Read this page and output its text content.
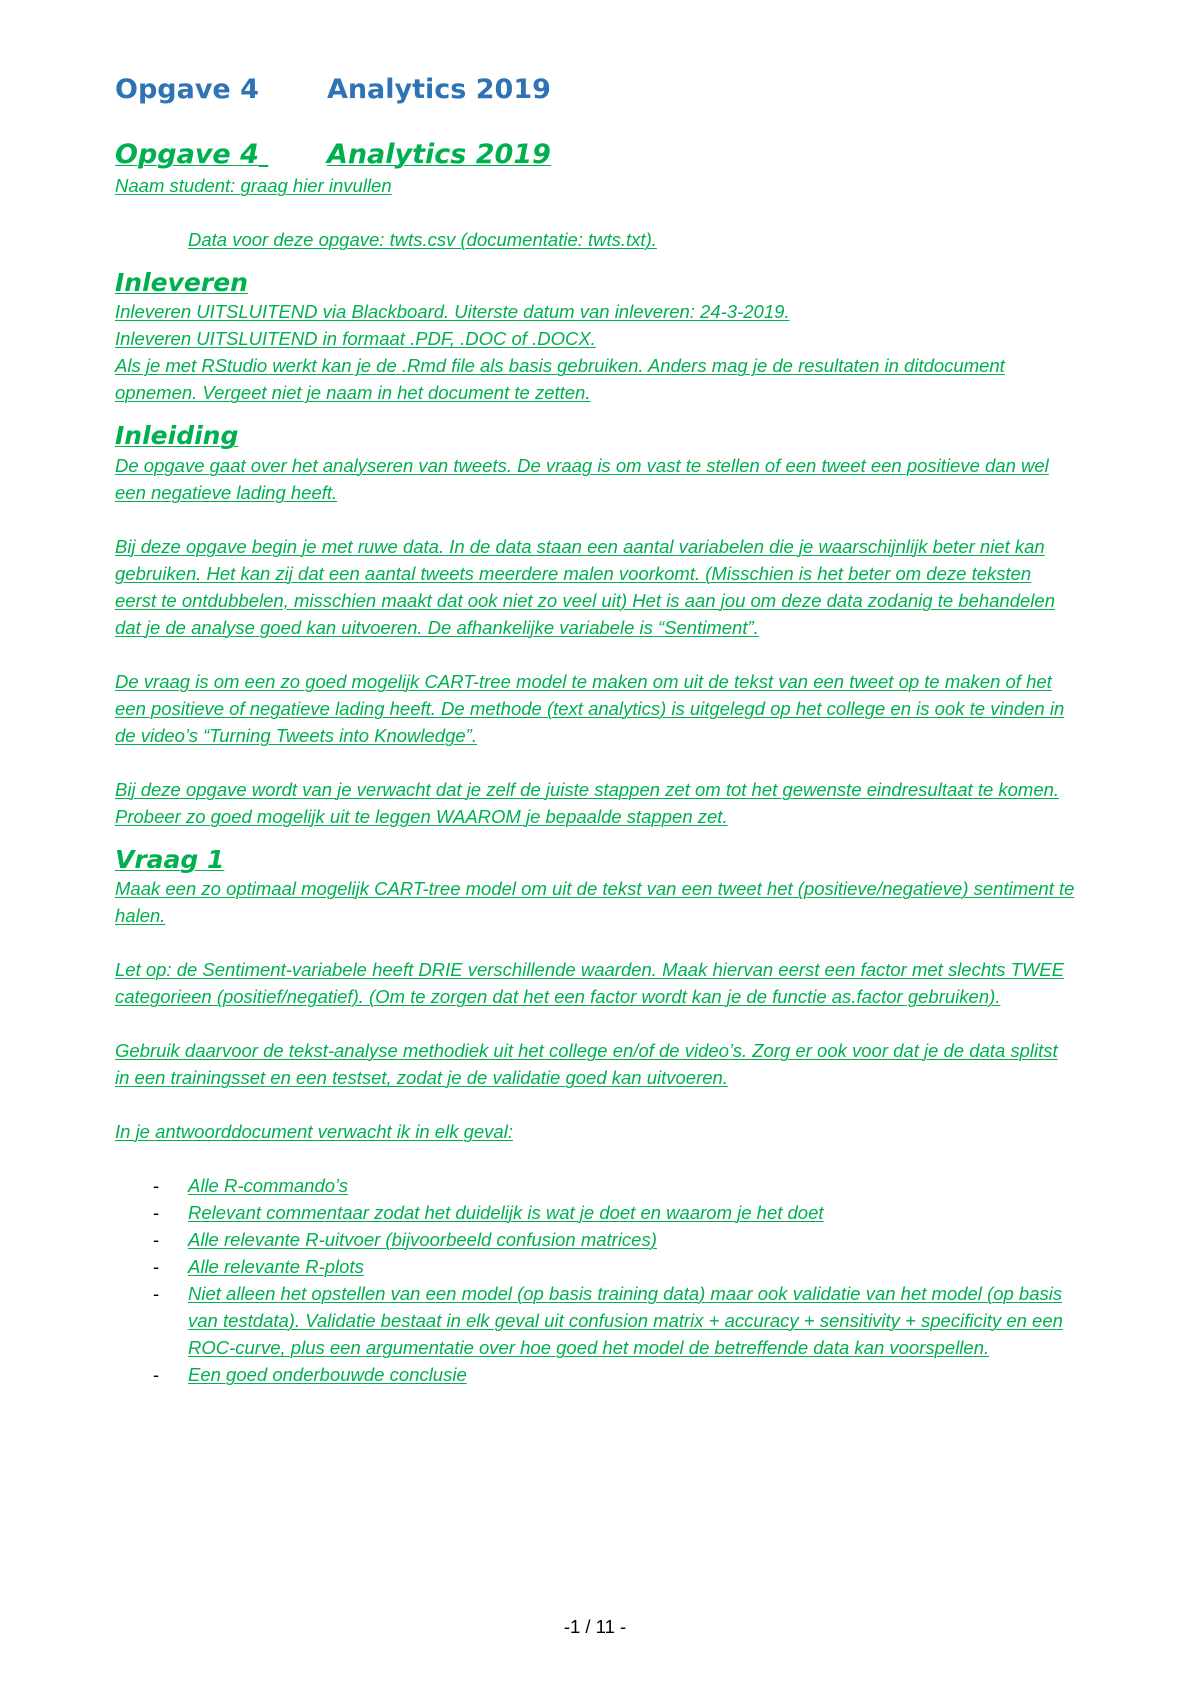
Opgave 4	Analytics 2019
Opgave 4	Analytics 2019

Naam student: graag hier invullen

Data voor deze opgave: twts.csv (documentatie: twts.txt).

Inleveren

Inleveren UITSLUITEND via Blackboard. Uiterste datum van inleveren: 24-3-2019.

Inleveren UITSLUITEND in formaat .PDF, .DOC of .DOCX.

Als je met RStudio werkt kan je de .Rmd file als basis gebruiken. Anders mag je de resultaten in ditdocument opnemen. Vergeet niet je naam in het document te zetten.

Inleiding

De opgave gaat over het analyseren van tweets. De vraag is om vast te stellen of een tweet een positieve dan wel een negatieve lading heeft.

Bij deze opgave begin je met ruwe data. In de data staan een aantal variabelen die je waarschijnlijk beter niet kan gebruiken. Het kan zij dat een aantal tweets meerdere malen voorkomt. (Misschien is het beter om deze teksten eerst te ontdubbelen, misschien maakt dat ook niet zo veel uit) Het is aan jou om deze data zodanig te behandelen dat je de analyse goed kan uitvoeren. De afhankelijke variabele is “Sentiment”.

De vraag is om een zo goed mogelijk CART-tree model te maken om uit de tekst van een tweet op te maken of het een positieve of negatieve lading heeft. De methode (text analytics) is uitgelegd op het college en is ook te vinden in de video’s “Turning Tweets into Knowledge”.

Bij deze opgave wordt van je verwacht dat je zelf de juiste stappen zet om tot het gewenste eindresultaat te komen. Probeer zo goed mogelijk uit te leggen WAAROM je bepaalde stappen zet.

Vraag 1

Maak een zo optimaal mogelijk CART-tree model om uit de tekst van een tweet het (positieve/negatieve) sentiment te halen.

Let op: de Sentiment-variabele heeft DRIE verschillende waarden. Maak hiervan eerst een factor met slechts TWEE categorieen (positief/negatief). (Om te zorgen dat het een factor wordt kan je de functie as.factor gebruiken).

Gebruik daarvoor de tekst-analyse methodiek uit het college en/of de video’s. Zorg er ook voor dat je de data splitst in een trainingsset en een testset, zodat je de validatie goed kan uitvoeren.

In je antwoorddocument verwacht ik in elk geval:

- Alle R-commando’s
- Relevant commentaar zodat het duidelijk is wat je doet en waarom je het doet
- Alle relevante R-uitvoer (bijvoorbeeld confusion matrices)
- Alle relevante R-plots
- Niet alleen het opstellen van een model (op basis training data) maar ook validatie van het model (op basis van testdata). Validatie bestaat in elk geval uit confusion matrix + accuracy + sensitivity + specificity en een ROC-curve, plus een argumentatie over hoe goed het model de betreffende data kan voorspellen.
- Een goed onderbouwde conclusie
-1 / 11 -
